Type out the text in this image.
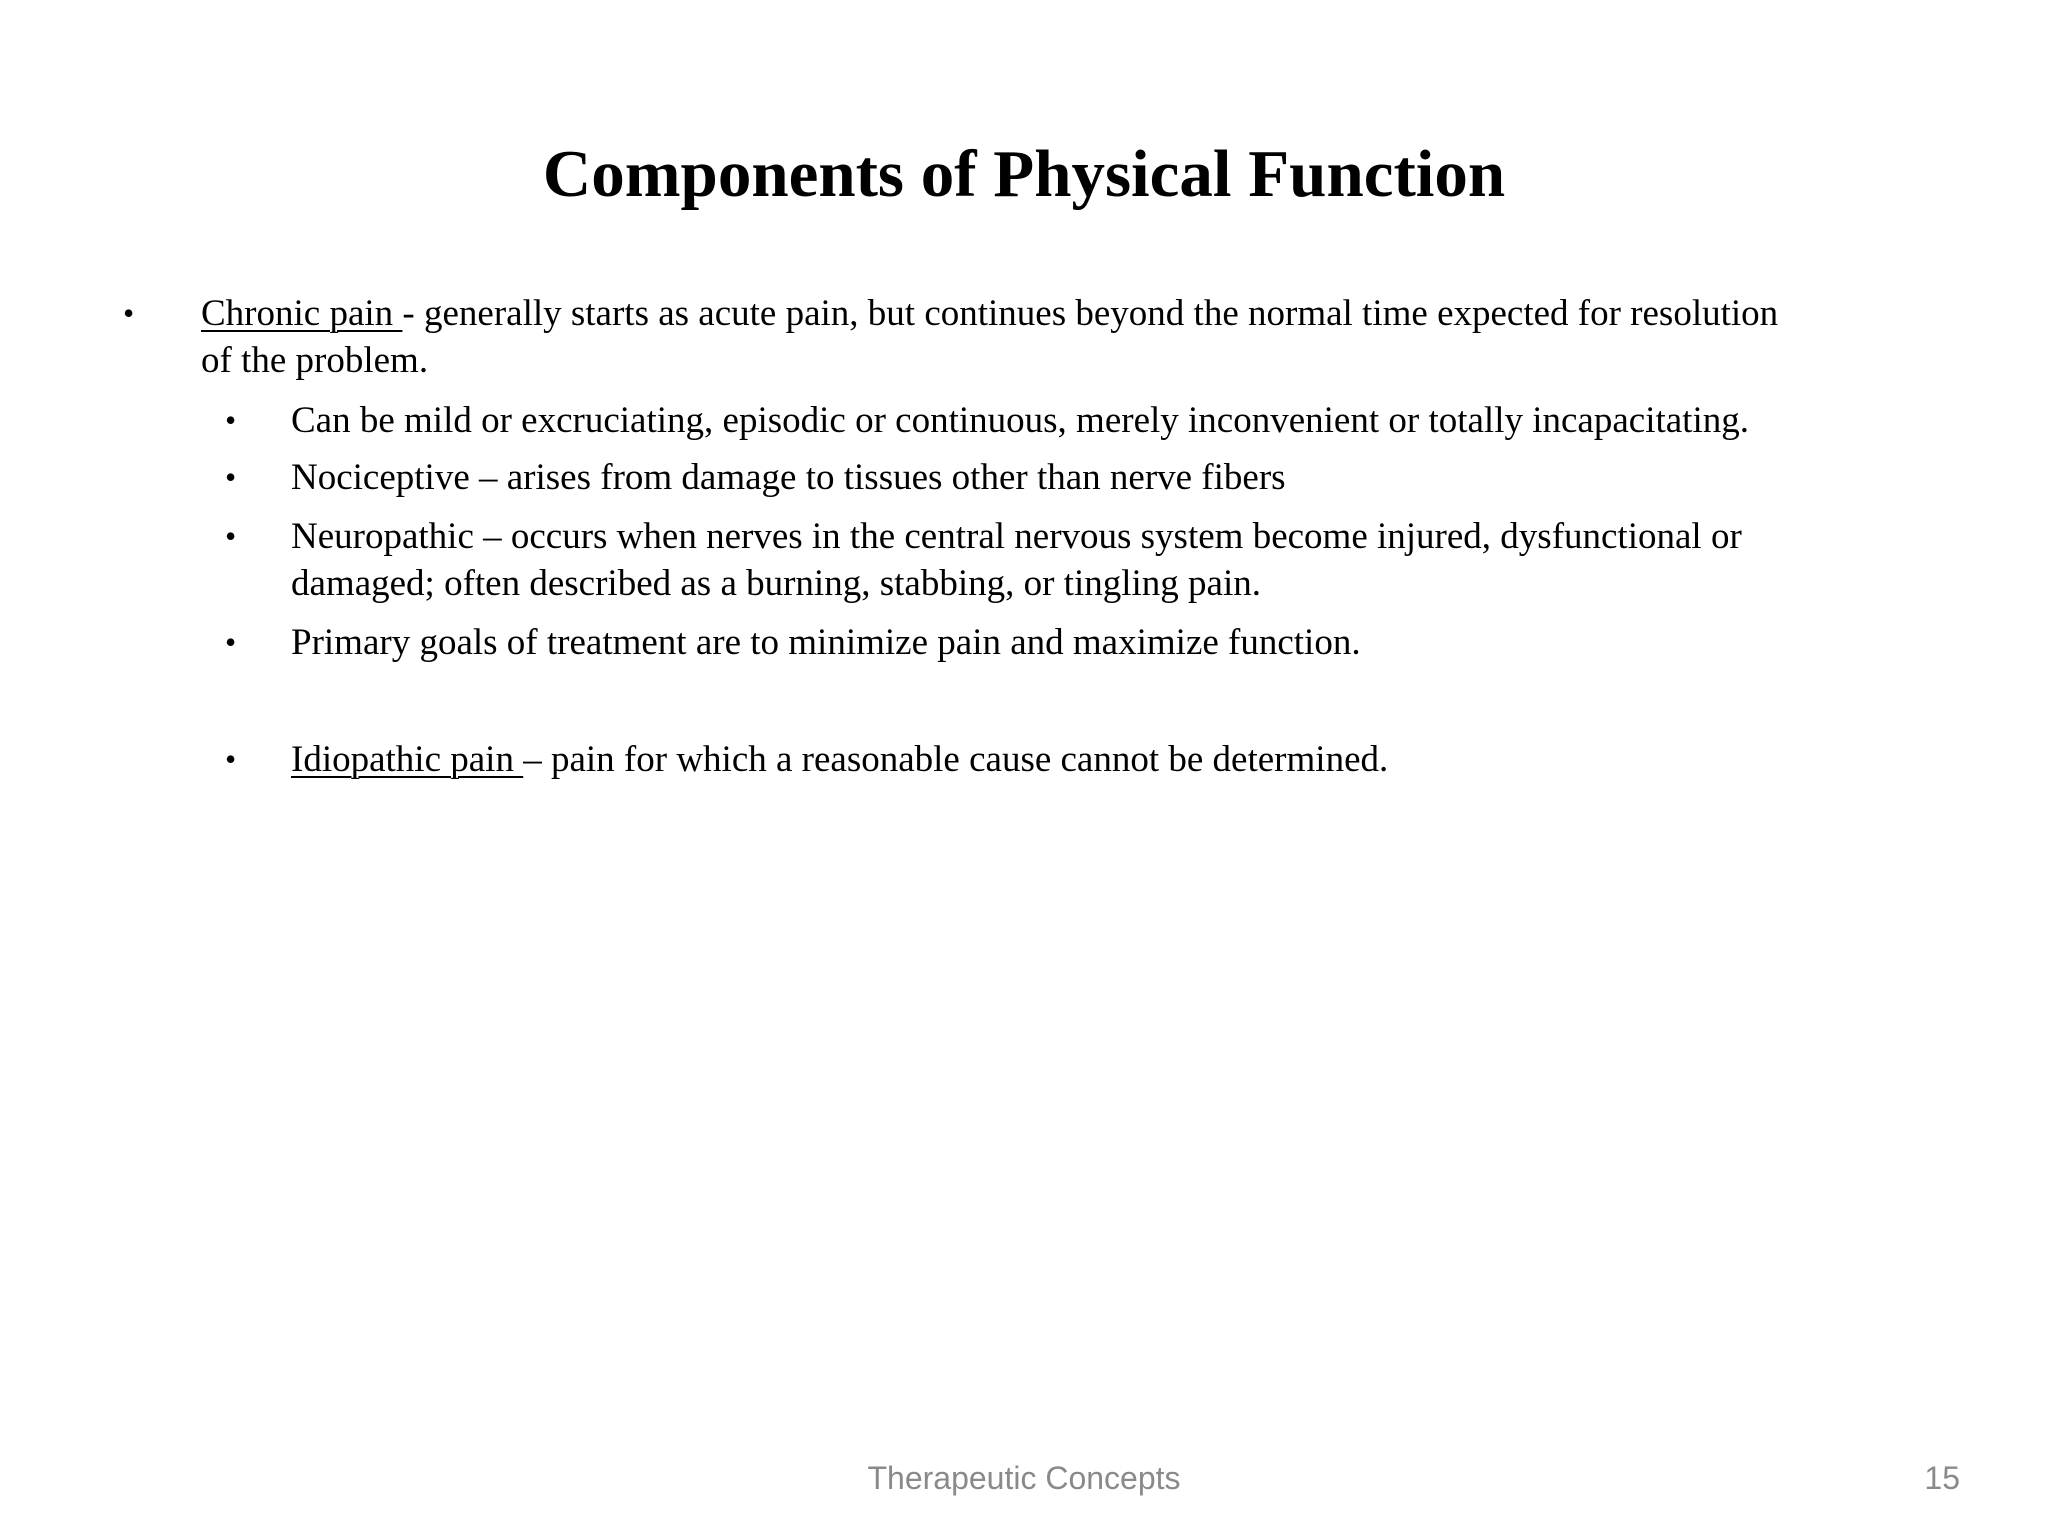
Components of Physical Function
• Chronic pain - generally starts as acute pain, but continues beyond the normal time expected for resolution
of the problem.
• Can be mild or excruciating, episodic or continuous, merely inconvenient or totally incapacitating.
• Nociceptive – arises from damage to tissues other than nerve fibers
• Neuropathic – occurs when nerves in the central nervous system become injured, dysfunctional or
damaged; often described as a burning, stabbing, or tingling pain.
• Primary goals of treatment are to minimize pain and maximize function.
• Idiopathic pain – pain for which a reasonable cause cannot be determined.
Therapeutic Concepts	15
